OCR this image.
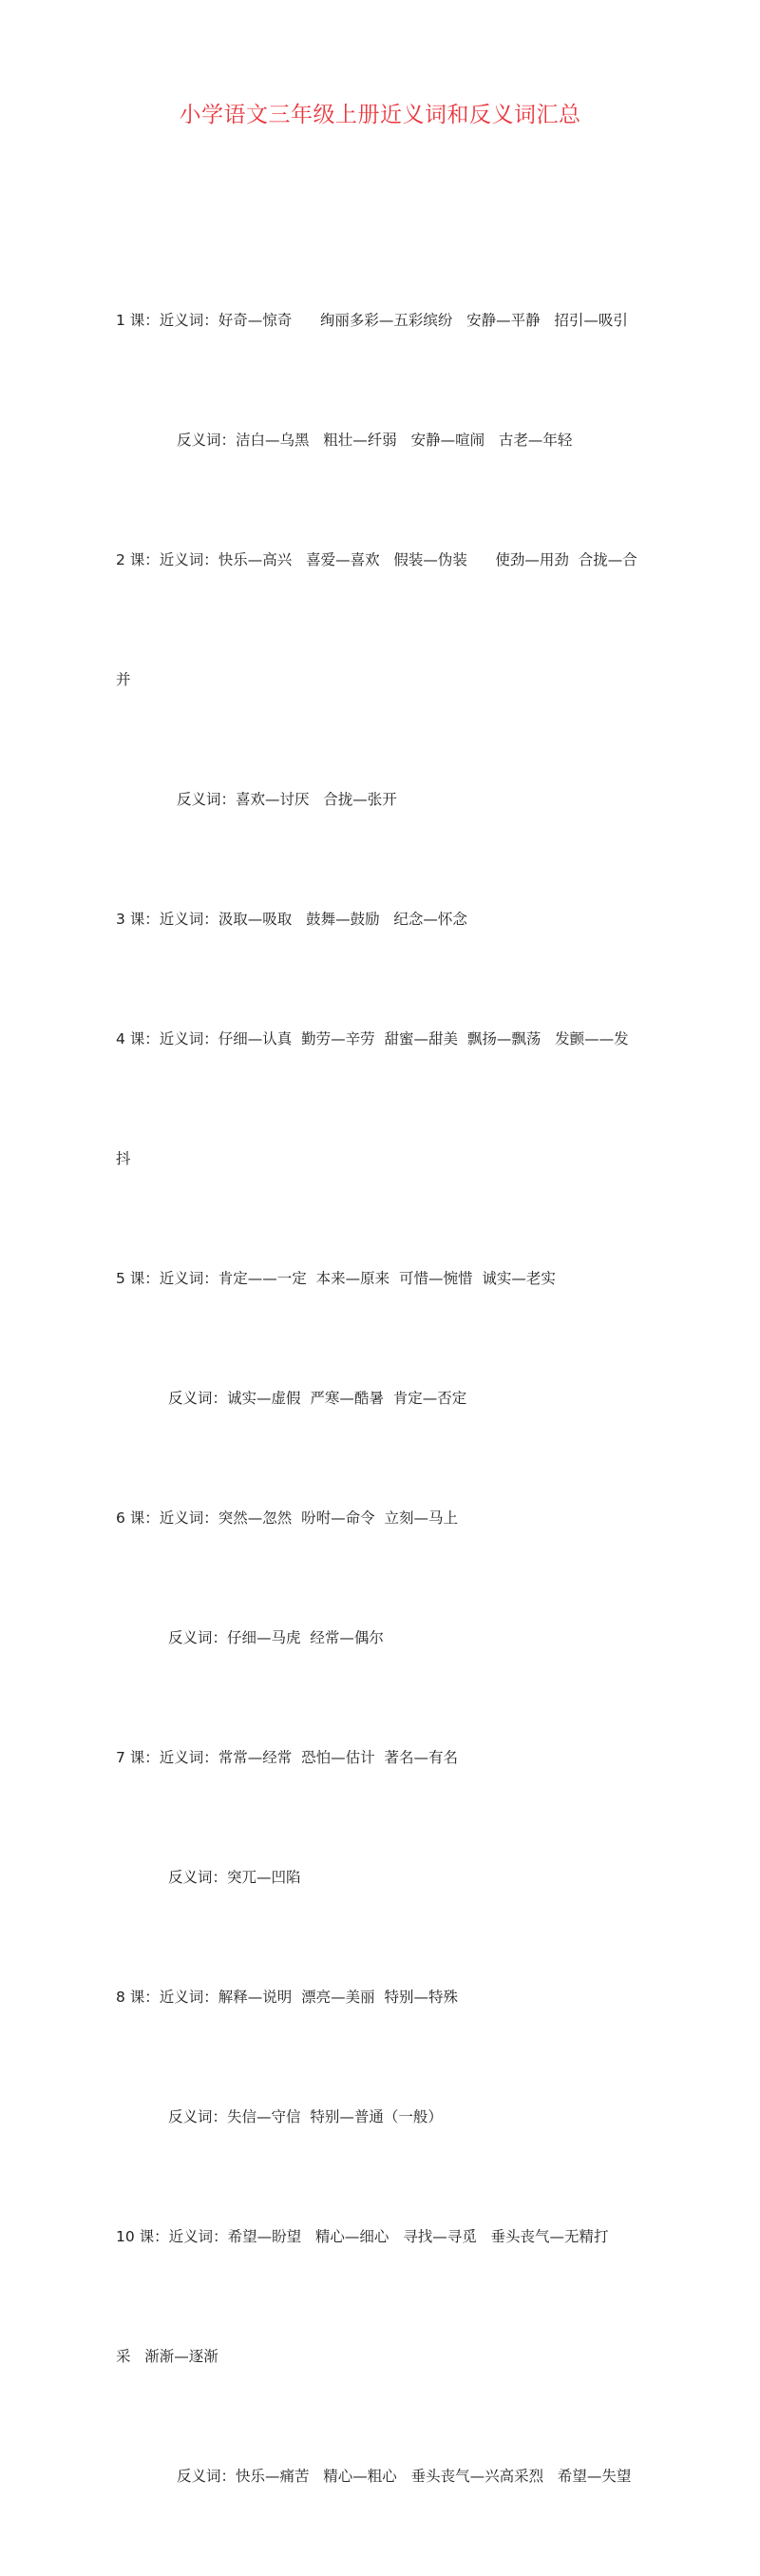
小学语文三年级上册近义词和反义词汇总

1 课：近义词：好奇—惊奇      绚丽多彩—五彩缤纷   安静—平静   招引—吸引

反义词：洁白—乌黑   粗壮—纤弱   安静—喧闹   古老—年轻

2 课：近义词：快乐—高兴   喜爱—喜欢   假装—伪装      使劲—用劲  合拢—合

并

反义词：喜欢—讨厌   合拢—张开

3 课：近义词：汲取—吸取   鼓舞—鼓励   纪念—怀念

4 课：近义词：仔细—认真  勤劳—辛劳  甜蜜—甜美  飘扬—飘荡   发颤——发

抖

5 课：近义词：肯定——一定  本来—原来  可惜—惋惜  诚实—老实

反义词：诚实—虚假  严寒—酷暑  肯定—否定

6 课：近义词：突然—忽然  吩咐—命令  立刻—马上

反义词：仔细—马虎  经常—偶尔

7 课：近义词：常常—经常  恐怕—估计  著名—有名

反义词：突兀—凹陷

8 课：近义词：解释—说明  漂亮—美丽  特别—特殊

反义词：失信—守信  特别—普通（一般）

10 课：近义词：希望—盼望   精心—细心   寻找—寻觅   垂头丧气—无精打

采   渐渐—逐渐

反义词：快乐—痛苦   精心—粗心   垂头丧气—兴高采烈   希望—失望
